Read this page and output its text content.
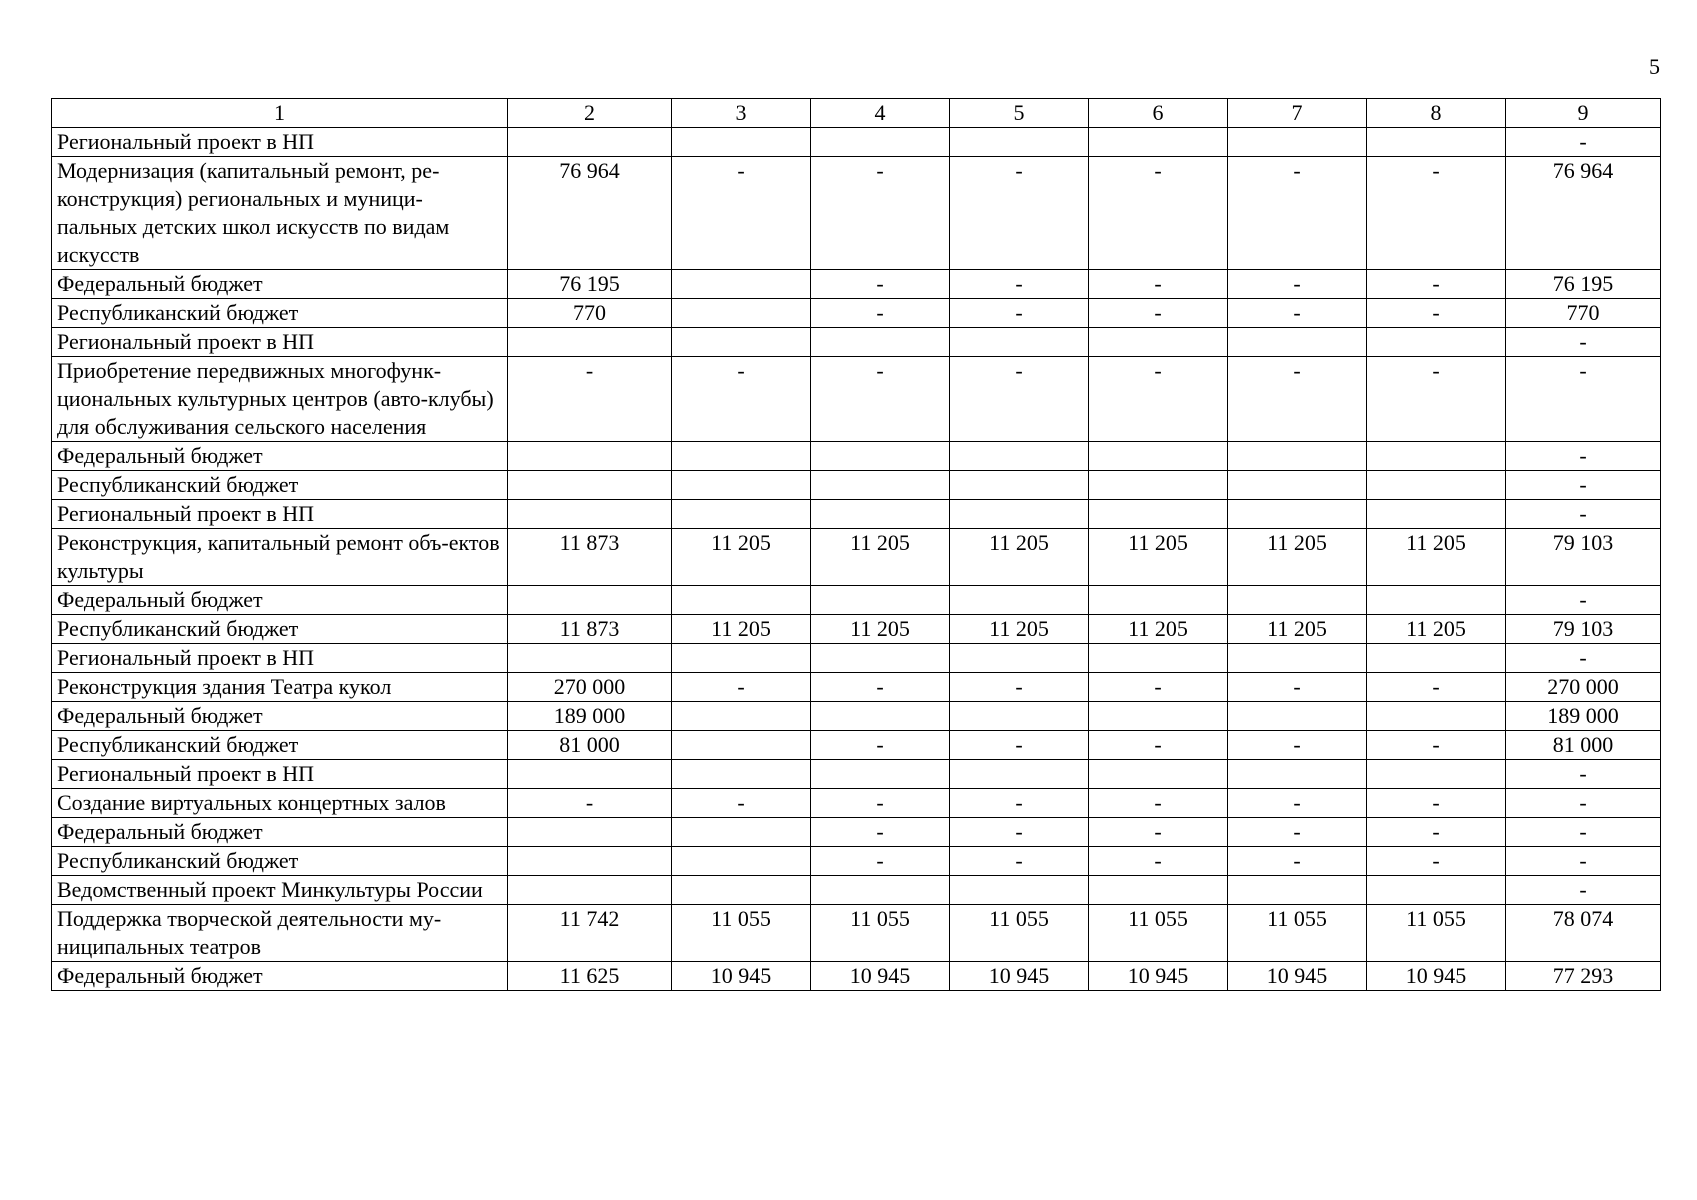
5
1	2	3	4	5	6	7	8	9
Региональный проект в НП								-
Модернизация (капитальный ремонт, ре-конструкция) региональных и муници-пальных детских школ искусств по видам искусств	76 964	-	-	-	-	-	-	76 964
Федеральный бюджет	76 195		-	-	-	-	-	76 195
Республиканский бюджет	770		-	-	-	-	-	770
Региональный проект в НП								-
Приобретение передвижных многофунк-циональных культурных центров (авто-клубы) для обслуживания сельского населения	-	-	-	-	-	-	-	-
Федеральный бюджет								-
Республиканский бюджет								-
Региональный проект в НП								-
Реконструкция, капитальный ремонт объ-ектов культуры	11 873	11 205	11 205	11 205	11 205	11 205	11 205	79 103
Федеральный бюджет								-
Республиканский бюджет	11 873	11 205	11 205	11 205	11 205	11 205	11 205	79 103
Региональный проект в НП								-
Реконструкция здания Театра кукол	270 000	-	-	-	-	-	-	270 000
Федеральный бюджет	189 000							189 000
Республиканский бюджет	81 000		-	-	-	-	-	81 000
Региональный проект в НП								-
Создание виртуальных концертных залов	-	-	-	-	-	-	-	-
Федеральный бюджет			-	-	-	-	-	-
Республиканский бюджет			-	-	-	-	-	-
Ведомственный проект Минкультуры России								-
Поддержка творческой деятельности му-ниципальных театров	11 742	11 055	11 055	11 055	11 055	11 055	11 055	78 074
Федеральный бюджет	11 625	10 945	10 945	10 945	10 945	10 945	10 945	77 293
